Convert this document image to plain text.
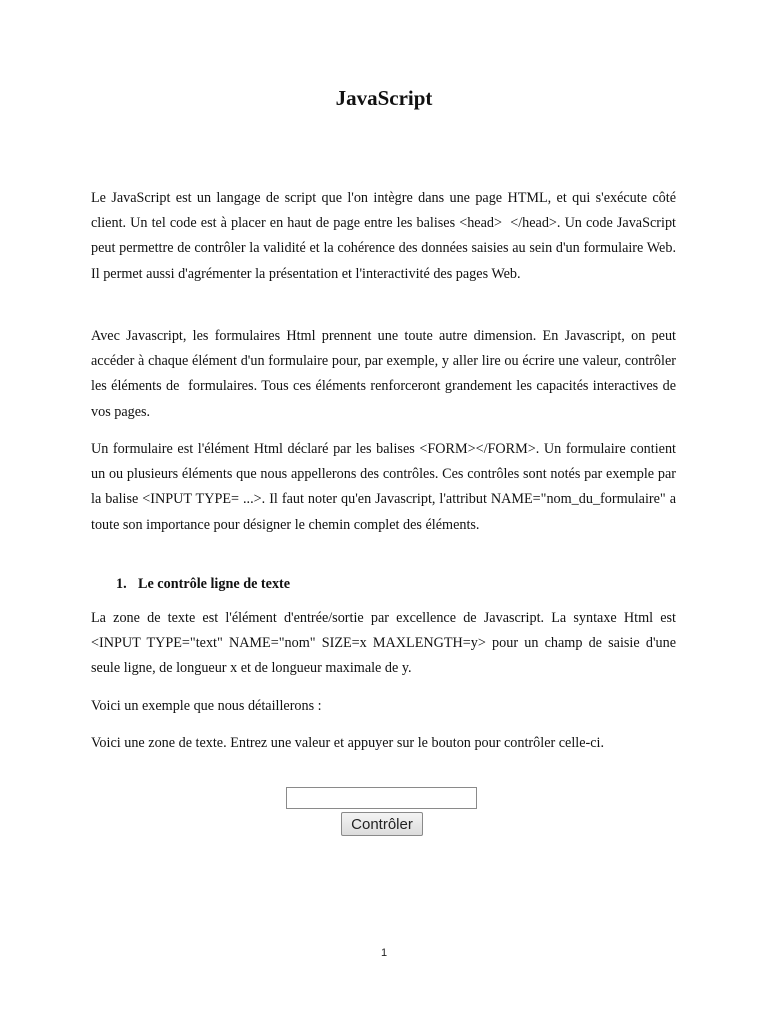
JavaScript

Le JavaScript est un langage de script que l'on intègre dans une page HTML, et qui s'exécute côté client. Un tel code est à placer en haut de page entre les balises <head>  </head>. Un code JavaScript peut permettre de contrôler la validité et la cohérence des données saisies au sein d'un formulaire Web. Il permet aussi d'agrémenter la présentation et l'interactivité des pages Web.

Avec Javascript, les formulaires Html prennent une toute autre dimension. En Javascript, on peut accéder à chaque élément d'un formulaire pour, par exemple, y aller lire ou écrire une valeur, contrôler les éléments de  formulaires. Tous ces éléments renforceront grandement les capacités interactives de vos pages.

Un formulaire est l'élément Html déclaré par les balises <FORM></FORM>. Un formulaire contient un ou plusieurs éléments que nous appellerons des contrôles. Ces contrôles sont notés par exemple par la balise <INPUT TYPE= ...>. Il faut noter qu'en Javascript, l'attribut NAME="nom_du_formulaire" a toute son importance pour désigner le chemin complet des éléments.

1. Le contrôle ligne de texte

La zone de texte est l'élément d'entrée/sortie par excellence de Javascript. La syntaxe Html est <INPUT TYPE="text" NAME="nom" SIZE=x MAXLENGTH=y> pour un champ de saisie d'une seule ligne, de longueur x et de longueur maximale de y.

Voici un exemple que nous détaillerons :

Voici une zone de texte. Entrez une valeur et appuyer sur le bouton pour contrôler celle-ci.

Contrôler
1
